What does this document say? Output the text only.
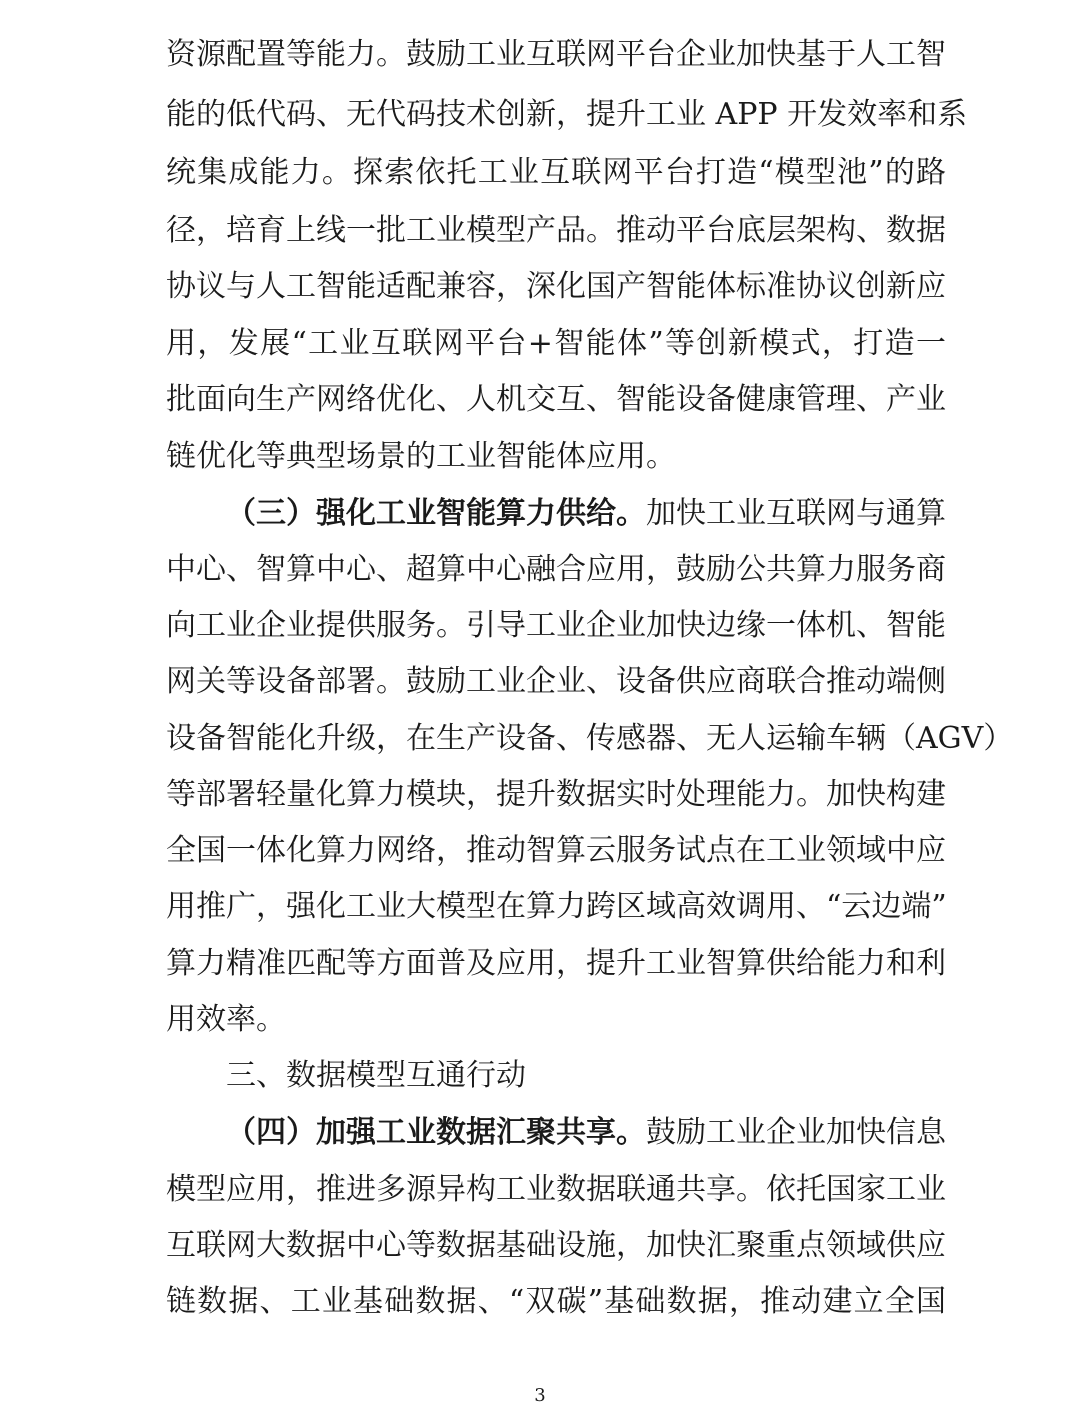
资源配置等能力。鼓励工业互联网平台企业加快基于人工智
能的低代码、无代码技术创新，提升工业 APP 开发效率和系
统集成能力。探索依托工业互联网平台打造“模型池”的路
径，培育上线一批工业模型产品。推动平台底层架构、数据
协议与人工智能适配兼容，深化国产智能体标准协议创新应
用，发展“工业互联网平台+智能体”等创新模式，打造一
批面向生产网络优化、人机交互、智能设备健康管理、产业
链优化等典型场景的工业智能体应用。
（三）强化工业智能算力供给。加快工业互联网与通算
中心、智算中心、超算中心融合应用，鼓励公共算力服务商
向工业企业提供服务。引导工业企业加快边缘一体机、智能
网关等设备部署。鼓励工业企业、设备供应商联合推动端侧
设备智能化升级，在生产设备、传感器、无人运输车辆（AGV）
等部署轻量化算力模块，提升数据实时处理能力。加快构建
全国一体化算力网络，推动智算云服务试点在工业领域中应
用推广，强化工业大模型在算力跨区域高效调用、“云边端”
算力精准匹配等方面普及应用，提升工业智算供给能力和利
用效率。
三、数据模型互通行动
（四）加强工业数据汇聚共享。鼓励工业企业加快信息
模型应用，推进多源异构工业数据联通共享。依托国家工业
互联网大数据中心等数据基础设施，加快汇聚重点领域供应
链数据、工业基础数据、“双碳”基础数据，推动建立全国
3
